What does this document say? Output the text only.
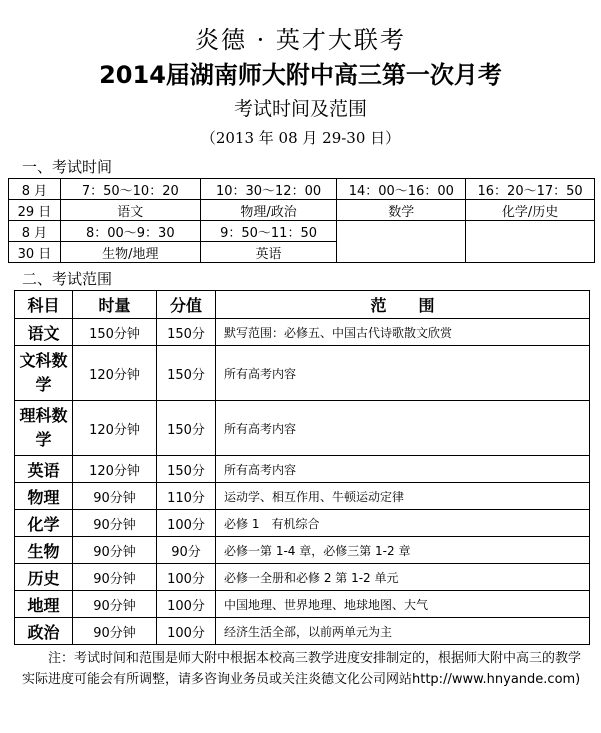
炎德 · 英才大联考
2014届湖南师大附中高三第一次月考
考试时间及范围
（2013 年 08 月 29-30 日）
一、考试时间
8 月	7：50～10：20	10：30～12：00	14：00～16：00	16：20～17：50
29 日	语文	物理/政治	数学	化学/历史
8 月	8：00～9：30	9：50～11：50		
30 日	生物/地理	英语		
二、考试范围
科目	时量	分值	范　　围
语文	150分钟	150分	默写范围：必修五、中国古代诗歌散文欣赏
文科数学	120分钟	150分	所有高考内容
理科数学	120分钟	150分	所有高考内容
英语	120分钟	150分	所有高考内容
物理	90分钟	110分	运动学、相互作用、牛顿运动定律
化学	90分钟	100分	必修 1　有机综合
生物	90分钟	90分	必修一第 1-4 章，必修三第 1-2 章
历史	90分钟	100分	必修一全册和必修 2 第 1-2 单元
地理	90分钟	100分	中国地理、世界地理、地球地图、大气
政治	90分钟	100分	经济生活全部，以前两单元为主
　　注：考试时间和范围是师大附中根据本校高三教学进度安排制定的，根据师大附中高三的教学实际进度可能会有所调整，请多咨询业务员或关注炎德文化公司网站http://www.hnyande.com)
